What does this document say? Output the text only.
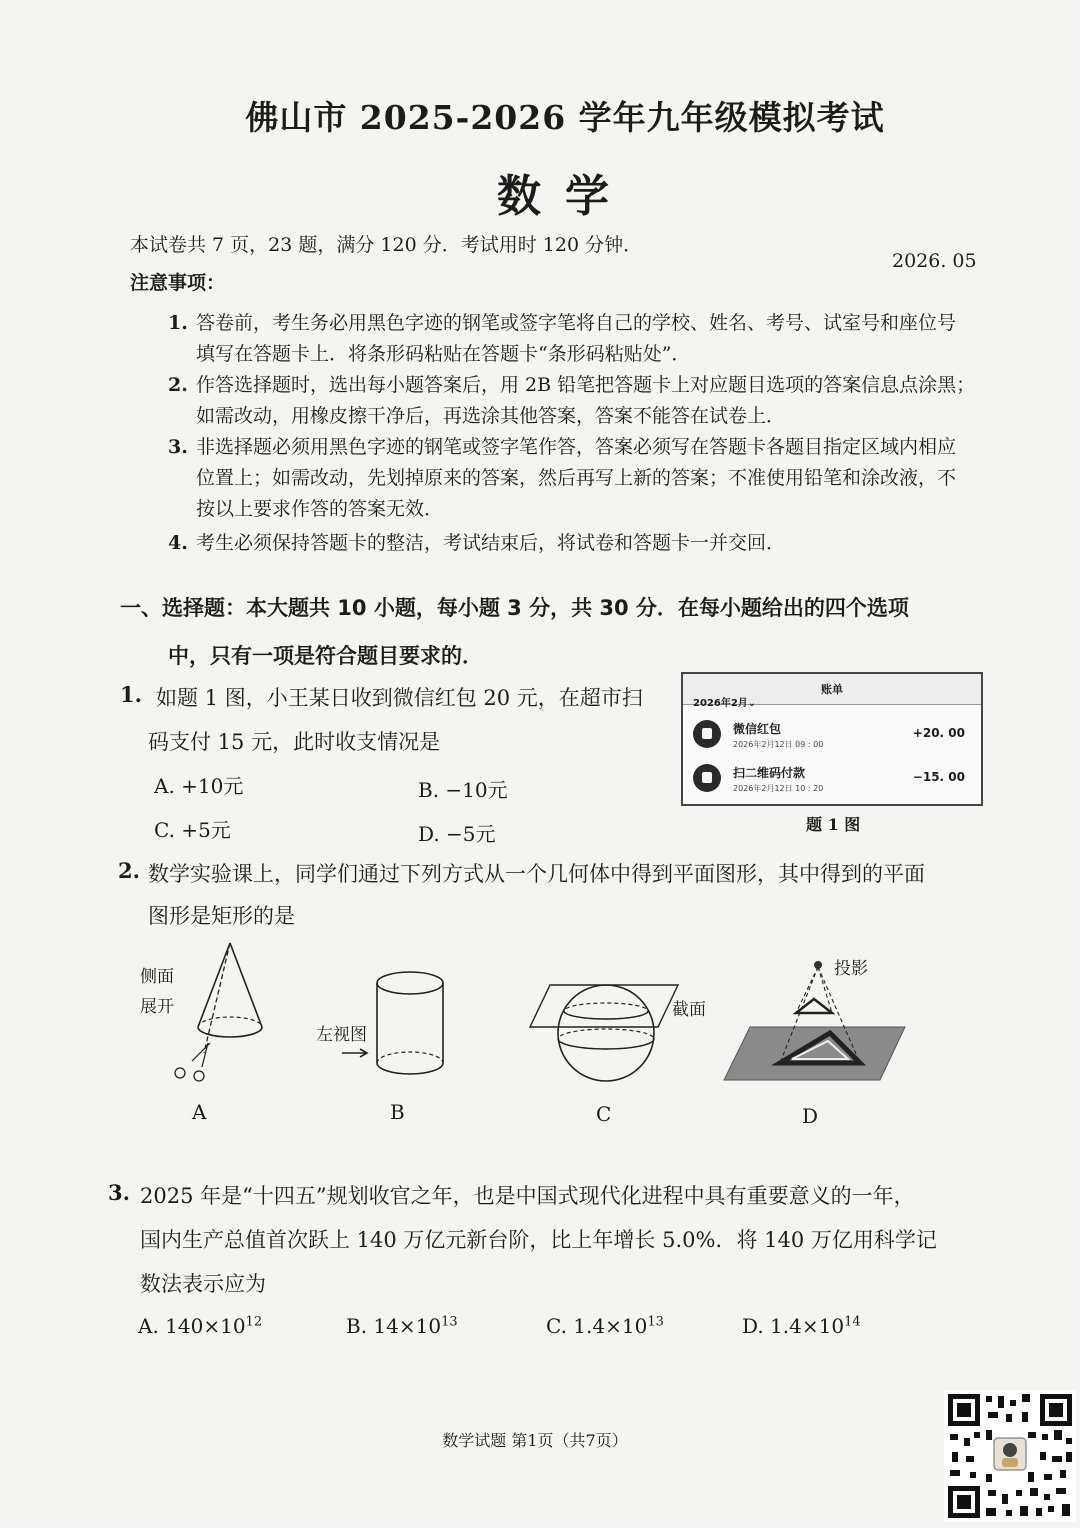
佛山市 2025-2026 学年九年级模拟考试
数学
本试卷共 7 页，23 题，满分 120 分．考试用时 120 分钟．
2026. 05
注意事项：
1. 答卷前，考生务必用黑色字迹的钢笔或签字笔将自己的学校、姓名、考号、试室号和座位号
填写在答题卡上．将条形码粘贴在答题卡“条形码粘贴处”．
2. 作答选择题时，选出每小题答案后，用 2B 铅笔把答题卡上对应题目选项的答案信息点涂黑；
如需改动，用橡皮擦干净后，再选涂其他答案，答案不能答在试卷上．
3. 非选择题必须用黑色字迹的钢笔或签字笔作答，答案必须写在答题卡各题目指定区域内相应
位置上；如需改动，先划掉原来的答案，然后再写上新的答案；不准使用铅笔和涂改液，不
按以上要求作答的答案无效．
4. 考生必须保持答题卡的整洁，考试结束后，将试卷和答题卡一并交回．
一、选择题：本大题共 10 小题，每小题 3 分，共 30 分．在每小题给出的四个选项
中，只有一项是符合题目要求的．
1. 如题 1 图，小王某日收到微信红包 20 元，在超市扫
码支付 15 元，此时收支情况是
A. +10元	B. −10元
C. +5元	D. −5元
账单
2026年2月⌄
微信红包
2026年2月12日 09 : 00
+20. 00
扫二维码付款
2026年2月12日 10 : 20
−15. 00
题 1 图
2. 数学实验课上，同学们通过下列方式从一个几何体中得到平面图形，其中得到的平面
图形是矩形的是
侧面
展开
左视图
截面
投影
A	B	C	D
3. 2025 年是“十四五”规划收官之年，也是中国式现代化进程中具有重要意义的一年，
国内生产总值首次跃上 140 万亿元新台阶，比上年增长 5.0%．将 140 万亿用科学记
数法表示应为
A. $140\times 10^{12}$	B. $14\times 10^{13}$	C. $1.4\times 10^{13}$	D. $1.4\times 10^{14}$
数学试题 第1页（共7页）
